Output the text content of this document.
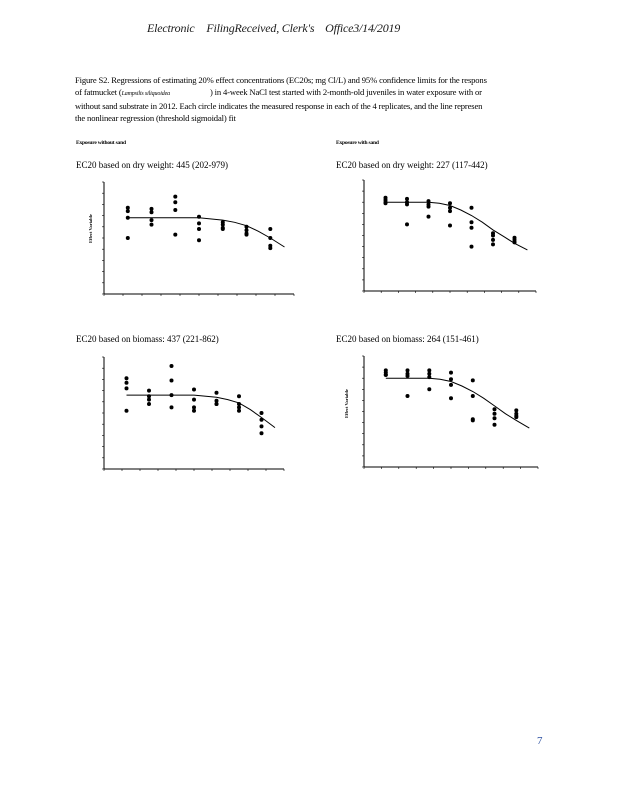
Electronic FilingReceived, Clerk's Office3/14/2019
Figure S2. Regressions of estimating 20% effect concentrations (EC20s; mg Cl/L) and 95% confidence limits for the respons
of fatmucket (Lampsilis siliquoidea	) in 4-week NaCl test started with 2-month-old juveniles in water exposure with or
without sand substrate in 2012. Each circle indicates the measured response in each of the 4 replicates, and the line represen
the nonlinear regression (threshold sigmoidal) fit
Exposure without sand	Exposure with sand
EC20 based on dry weight: 445 (202-979)	EC20 based on dry weight: 227 (117-442)
EC20 based on biomass: 437 (221-862)	EC20 based on biomass: 264 (151-461)
Effect Variable
Effect Variable
7
